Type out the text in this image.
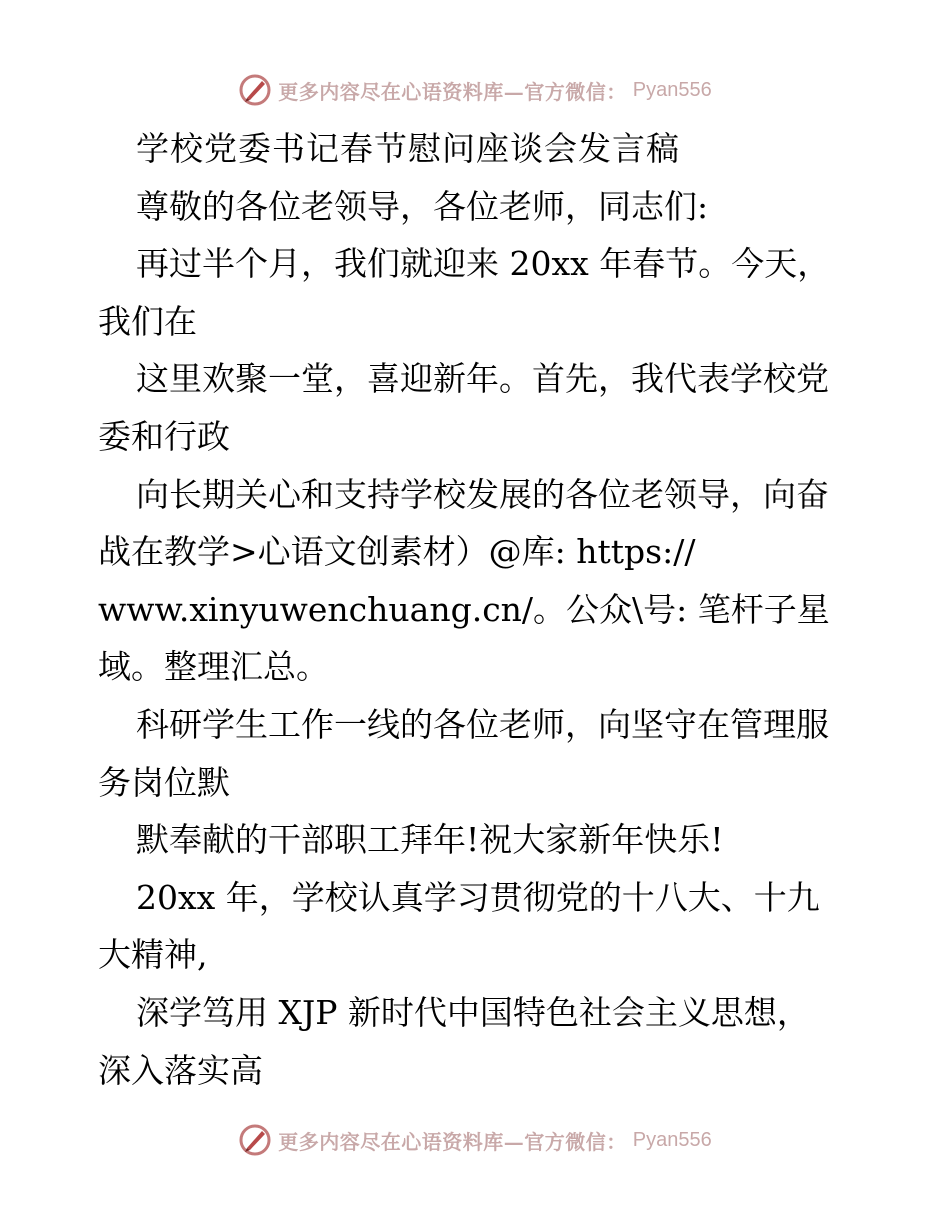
更多内容尽在心语资料库—官方微信： Pyan556
学校党委书记春节慰问座谈会发言稿
尊敬的各位老领导，各位老师，同志们:
再过半个月，我们就迎来 20xx 年春节。今天，
我们在
这里欢聚一堂，喜迎新年。首先，我代表学校党
委和行政
向长期关心和支持学校发展的各位老领导，向奋
战在教学>心语文创素材）@库: https://
www.xinyuwenchuang.cn/。公众\号: 笔杆子星
域。整理汇总。
科研学生工作一线的各位老师，向坚守在管理服
务岗位默
默奉献的干部职工拜年!祝大家新年快乐!
20xx 年，学校认真学习贯彻党的十八大、十九
大精神,
深学笃用 XJP 新时代中国特色社会主义思想，
深入落实高
更多内容尽在心语资料库—官方微信： Pyan556
